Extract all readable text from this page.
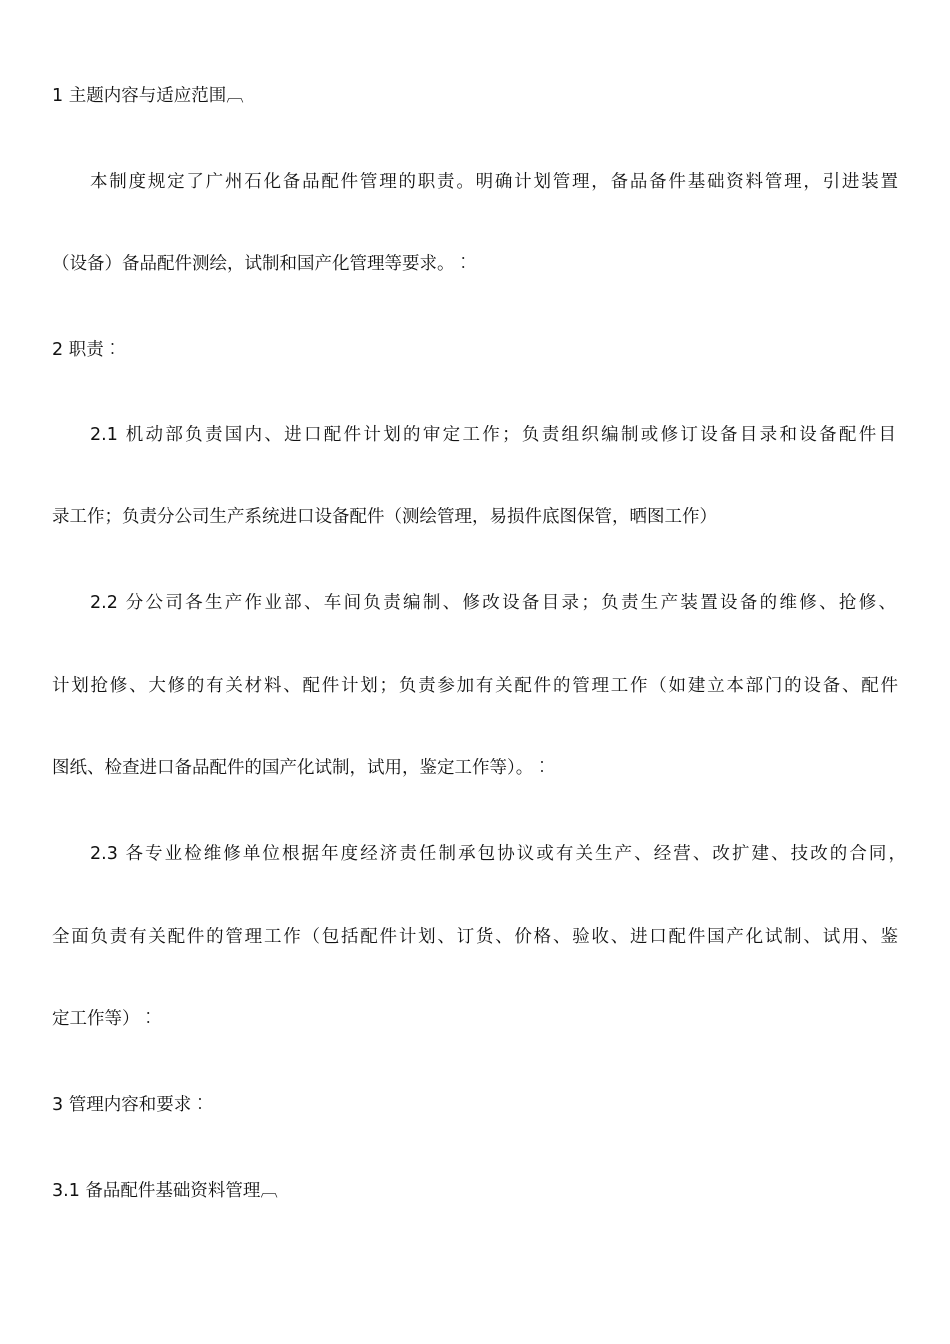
1 主题内容与适应范围︹
本制度规定了广州石化备品配件管理的职责。明确计划管理，备品备件基础资料管理，引进装置
（设备）备品配件测绘，试制和国产化管理等要求。︰
2 职责︰
2.1 机动部负责国内、进口配件计划的审定工作；负责组织编制或修订设备目录和设备配件目
录工作；负责分公司生产系统进口设备配件（测绘管理，易损件底图保管，晒图工作）
2.2 分公司各生产作业部、车间负责编制、修改设备目录；负责生产装置设备的维修、抢修、
计划抢修、大修的有关材料、配件计划；负责参加有关配件的管理工作（如建立本部门的设备、配件
图纸、检查进口备品配件的国产化试制，试用，鉴定工作等）。︰
2.3 各专业检维修单位根据年度经济责任制承包协议或有关生产、经营、改扩建、技改的合同，
全面负责有关配件的管理工作（包括配件计划、订货、价格、验收、进口配件国产化试制、试用、鉴
定工作等）︰
3 管理内容和要求︰
3.1 备品配件基础资料管理︹
